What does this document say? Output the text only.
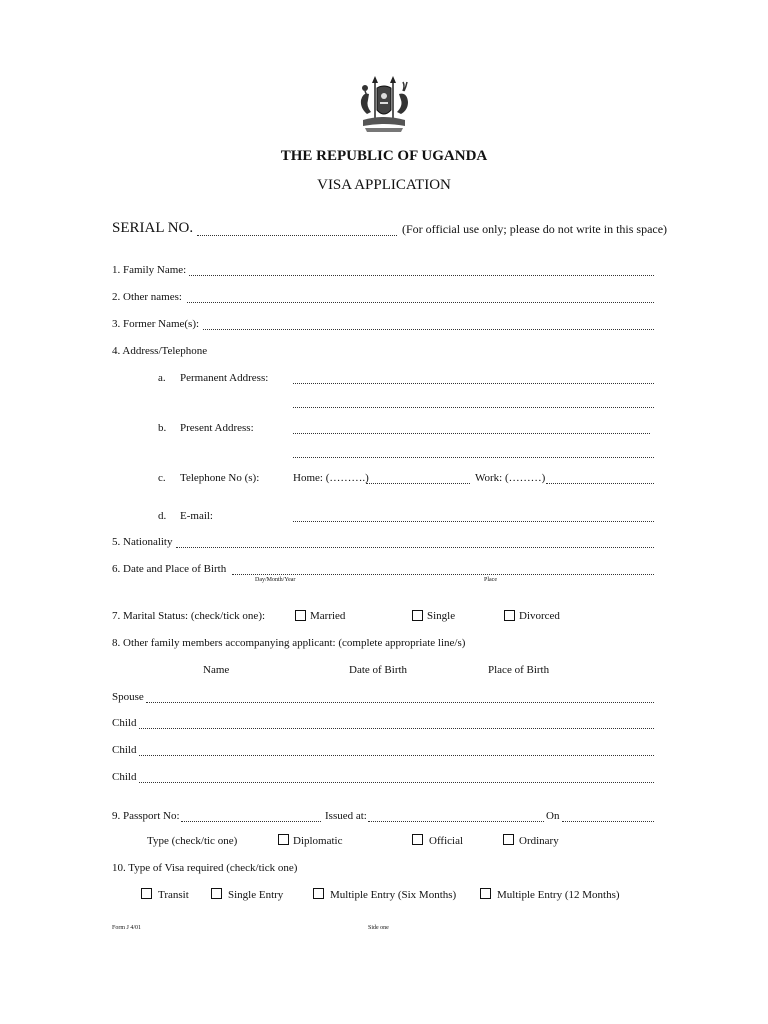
THE REPUBLIC OF UGANDA
VISA APPLICATION
SERIAL NO.	(For official use only; please do not write in this space)
1. Family Name:
2. Other names:
3. Former Name(s):
4. Address/Telephone
a. Permanent Address:
b. Present Address:
c. Telephone No (s):	Home: (……….)	Work: (………)
d. E-mail:
5. Nationality
6. Date and Place of Birth
Day/Month/Year	Place
7. Marital Status: (check/tick one):	Married	Single	Divorced
8. Other family members accompanying applicant: (complete appropriate line/s)
Name	Date of Birth	Place of Birth
Spouse
Child
Child
Child
9. Passport No:	Issued at:	On
Type (check/tic one)	Diplomatic	Official	Ordinary
10. Type of Visa required (check/tick one)
Transit	Single Entry	Multiple Entry (Six Months)	Multiple Entry (12 Months)
Form J 4/01	Side one
